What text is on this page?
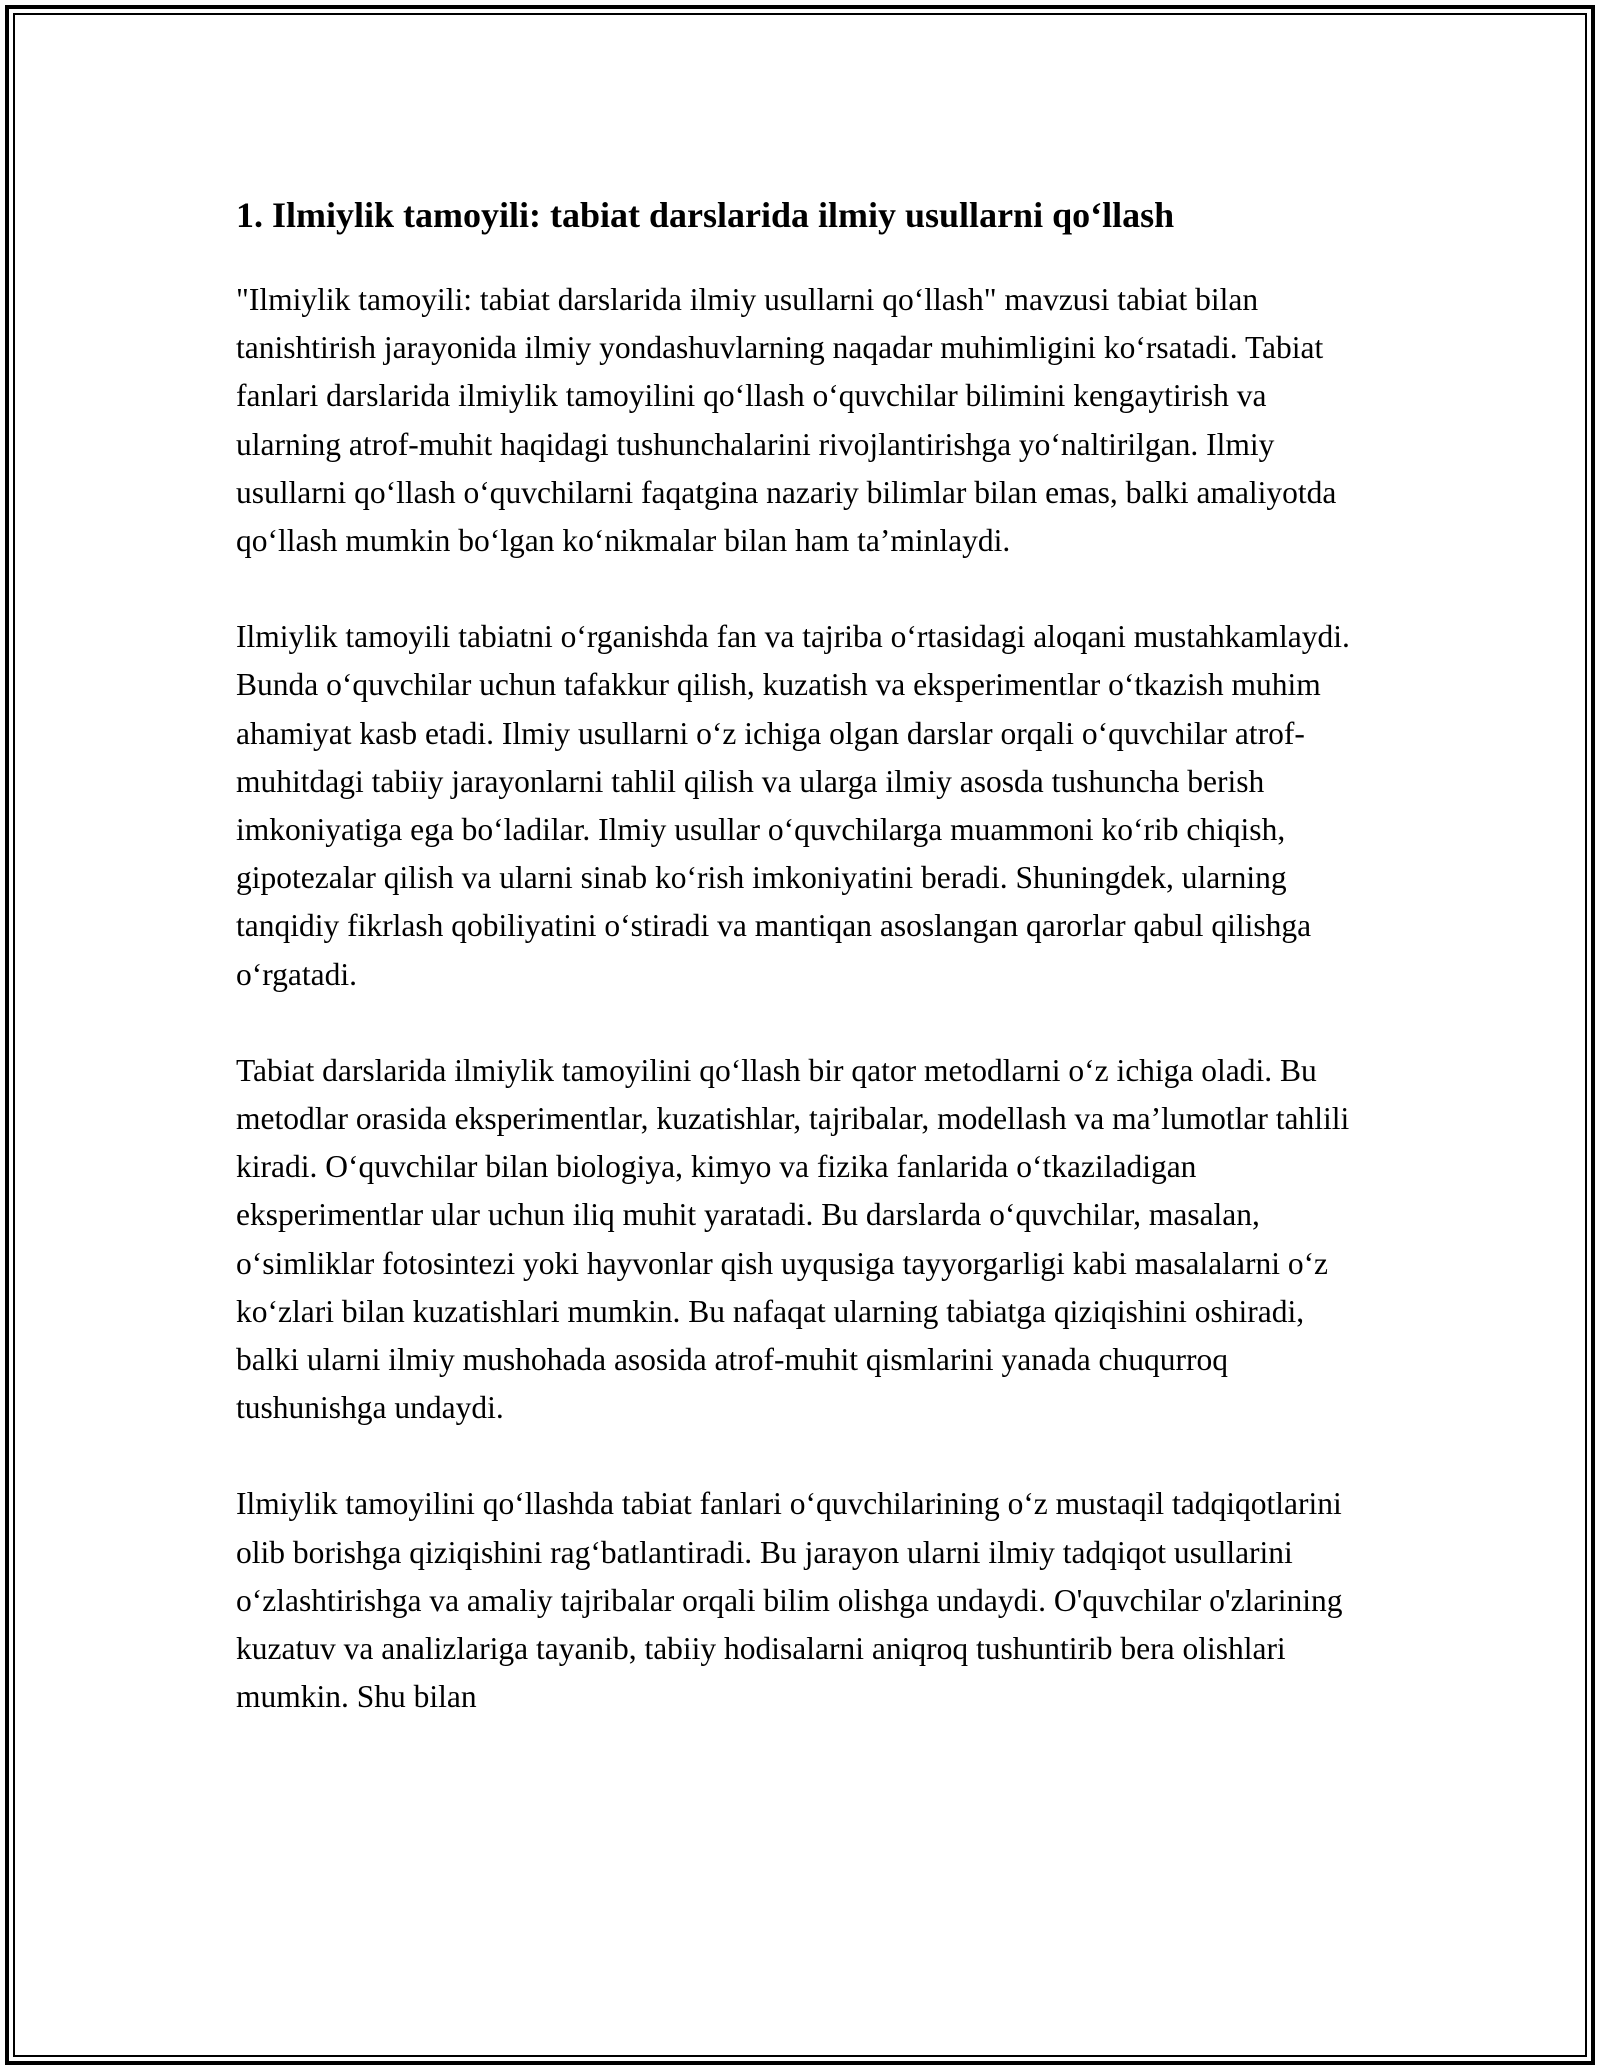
1. Ilmiylik tamoyili: tabiat darslarida ilmiy usullarni qo‘llash

"Ilmiylik tamoyili: tabiat darslarida ilmiy usullarni qo‘llash" mavzusi tabiat bilan tanishtirish jarayonida ilmiy yondashuvlarning naqadar muhimligini ko‘rsatadi. Tabiat fanlari darslarida ilmiylik tamoyilini qo‘llash o‘quvchilar bilimini kengaytirish va ularning atrof-muhit haqidagi tushunchalarini rivojlantirishga yo‘naltirilgan. Ilmiy usullarni qo‘llash o‘quvchilarni faqatgina nazariy bilimlar bilan emas, balki amaliyotda qo‘llash mumkin bo‘lgan ko‘nikmalar bilan ham ta’minlaydi.

Ilmiylik tamoyili tabiatni o‘rganishda fan va tajriba o‘rtasidagi aloqani mustahkamlaydi. Bunda o‘quvchilar uchun tafakkur qilish, kuzatish va eksperimentlar o‘tkazish muhim ahamiyat kasb etadi. Ilmiy usullarni o‘z ichiga olgan darslar orqali o‘quvchilar atrof-muhitdagi tabiiy jarayonlarni tahlil qilish va ularga ilmiy asosda tushuncha berish imkoniyatiga ega bo‘ladilar. Ilmiy usullar o‘quvchilarga muammoni ko‘rib chiqish, gipotezalar qilish va ularni sinab ko‘rish imkoniyatini beradi. Shuningdek, ularning tanqidiy fikrlash qobiliyatini o‘stiradi va mantiqan asoslangan qarorlar qabul qilishga o‘rgatadi.

Tabiat darslarida ilmiylik tamoyilini qo‘llash bir qator metodlarni o‘z ichiga oladi. Bu metodlar orasida eksperimentlar, kuzatishlar, tajribalar, modellash va ma’lumotlar tahlili kiradi. O‘quvchilar bilan biologiya, kimyo va fizika fanlarida o‘tkaziladigan eksperimentlar ular uchun iliq muhit yaratadi. Bu darslarda o‘quvchilar, masalan, o‘simliklar fotosintezi yoki hayvonlar qish uyqusiga tayyorgarligi kabi masalalarni o‘z ko‘zlari bilan kuzatishlari mumkin. Bu nafaqat ularning tabiatga qiziqishini oshiradi, balki ularni ilmiy mushohada asosida atrof-muhit qismlarini yanada chuqurroq tushunishga undaydi.

Ilmiylik tamoyilini qo‘llashda tabiat fanlari o‘quvchilarining o‘z mustaqil tadqiqotlarini olib borishga qiziqishini rag‘batlantiradi. Bu jarayon ularni ilmiy tadqiqot usullarini o‘zlashtirishga va amaliy tajribalar orqali bilim olishga undaydi. O'quvchilar o'zlarining kuzatuv va analizlariga tayanib, tabiiy hodisalarni aniqroq tushuntirib bera olishlari mumkin. Shu bilan
